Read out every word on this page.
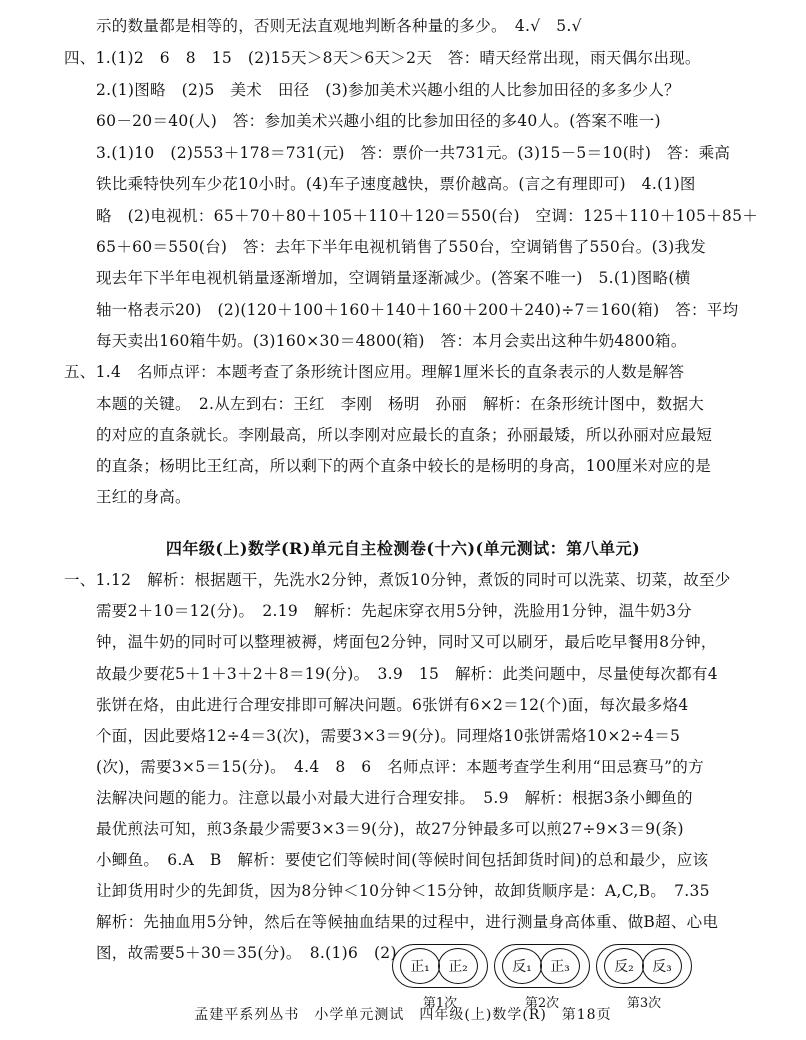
示的数量都是相等的，否则无法直观地判断各种量的多少。　4.√　5.√
四、1.(1)2　6　8　15　(2)15天＞8天＞6天＞2天　答：晴天经常出现，雨天偶尔出现。
2.(1)图略　(2)5　美术　田径　(3)参加美术兴趣小组的人比参加田径的多多少人？
60－20＝40(人)　答：参加美术兴趣小组的比参加田径的多40人。(答案不唯一)
3.(1)10　(2)553＋178＝731(元)　答：票价一共731元。(3)15－5＝10(时)　答：乘高
铁比乘特快列车少花10小时。(4)车子速度越快，票价越高。(言之有理即可)　4.(1)图
略　(2)电视机：65＋70＋80＋105＋110＋120＝550(台)　空调：125＋110＋105＋85＋
65＋60＝550(台)　答：去年下半年电视机销售了550台，空调销售了550台。(3)我发
现去年下半年电视机销量逐渐增加，空调销量逐渐减少。(答案不唯一)　5.(1)图略(横
轴一格表示20)　(2)(120＋100＋160＋140＋160＋200＋240)÷7＝160(箱)　答：平均
每天卖出160箱牛奶。(3)160×30＝4800(箱)　答：本月会卖出这种牛奶4800箱。
五、1.4　名师点评：本题考查了条形统计图应用。理解1厘米长的直条表示的人数是解答
本题的关键。　2.从左到右：王红　李刚　杨明　孙丽　解析：在条形统计图中，数据大
的对应的直条就长。李刚最高，所以李刚对应最长的直条；孙丽最矮，所以孙丽对应最短
的直条；杨明比王红高，所以剩下的两个直条中较长的是杨明的身高，100厘米对应的是
王红的身高。
四年级(上)数学(R)单元自主检测卷(十六)(单元测试：第八单元)
一、1.12　解析：根据题干，先洗水2分钟，煮饭10分钟，煮饭的同时可以洗菜、切菜，故至少
需要2＋10＝12(分)。　2.19　解析：先起床穿衣用5分钟，洗脸用1分钟，温牛奶3分
钟，温牛奶的同时可以整理被褥，烤面包2分钟，同时又可以刷牙，最后吃早餐用8分钟，
故最少要花5＋1＋3＋2＋8＝19(分)。　3.9　15　解析：此类问题中，尽量使每次都有4
张饼在烙，由此进行合理安排即可解决问题。6张饼有6×2＝12(个)面，每次最多烙4
个面，因此要烙12÷4＝3(次)，需要3×3＝9(分)。同理烙10张饼需烙10×2÷4＝5
(次)，需要3×5＝15(分)。　4.4　8　6　名师点评：本题考查学生利用“田忌赛马”的方
法解决问题的能力。注意以最小对最大进行合理安排。　5.9　解析：根据3条小鲫鱼的
最优煎法可知，煎3条最少需要3×3＝9(分)，故27分钟最多可以煎27÷9×3＝9(条)
小鲫鱼。　6.A　B　解析：要使它们等候时间(等候时间包括卸货时间)的总和最少，应该
让卸货用时少的先卸货，因为8分钟＜10分钟＜15分钟，故卸货顺序是：A,C,B。　7.35
解析：先抽血用5分钟，然后在等候抽血结果的过程中，进行测量身高体重、做B超、心电
图，故需要5＋30＝35(分)。　8.(1)6　(2)
正₁	正₂
第1次
反₁	正₃
第2次
反₂	反₃
第3次
孟建平系列丛书　小学单元测试　四年级(上)数学(R)　第18页
